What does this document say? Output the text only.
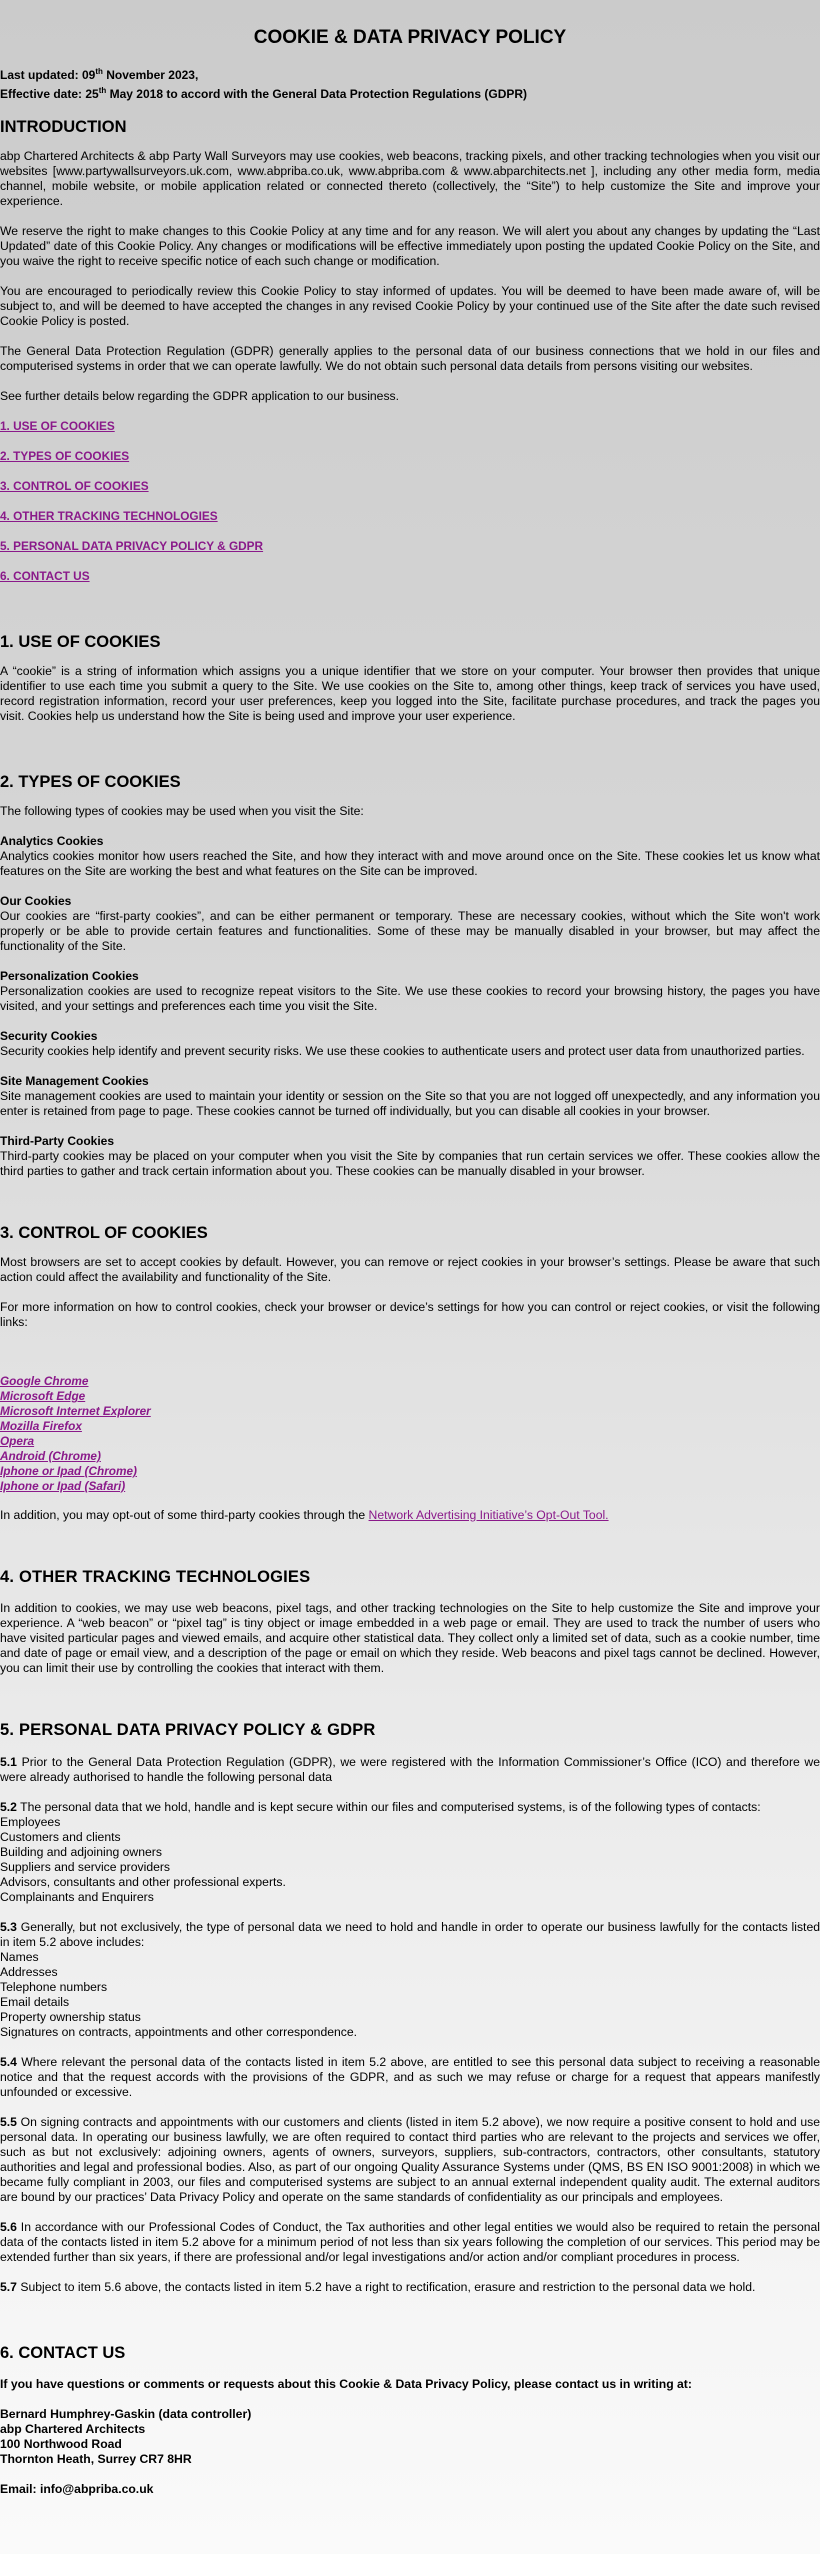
COOKIE & DATA PRIVACY POLICY
Last updated: 09th November 2023,
Effective date: 25th May 2018 to accord with the General Data Protection Regulations (GDPR)
INTRODUCTION

abp Chartered Architects & abp Party Wall Surveyors may use cookies, web beacons, tracking pixels, and other tracking technologies when you visit our websites [www.partywallsurveyors.uk.com, www.abpriba.co.uk, www.abpriba.com & www.abparchitects.net ], including any other media form, media channel, mobile website, or mobile application related or connected thereto (collectively, the “Site”) to help customize the Site and improve your experience.

We reserve the right to make changes to this Cookie Policy at any time and for any reason. We will alert you about any changes by updating the “Last Updated” date of this Cookie Policy. Any changes or modifications will be effective immediately upon posting the updated Cookie Policy on the Site, and you waive the right to receive specific notice of each such change or modification.

You are encouraged to periodically review this Cookie Policy to stay informed of updates. You will be deemed to have been made aware of, will be subject to, and will be deemed to have accepted the changes in any revised Cookie Policy by your continued use of the Site after the date such revised Cookie Policy is posted.

The General Data Protection Regulation (GDPR) generally applies to the personal data of our business connections that we hold in our files and computerised systems in order that we can operate lawfully. We do not obtain such personal data details from persons visiting our websites.

See further details below regarding the GDPR application to our business.

1. USE OF COOKIES
2. TYPES OF COOKIES
3. CONTROL OF COOKIES
4. OTHER TRACKING TECHNOLOGIES
5. PERSONAL DATA PRIVACY POLICY & GDPR
6. CONTACT US
1. USE OF COOKIES

A “cookie” is a string of information which assigns you a unique identifier that we store on your computer. Your browser then provides that unique identifier to use each time you submit a query to the Site. We use cookies on the Site to, among other things, keep track of services you have used, record registration information, record your user preferences, keep you logged into the Site, facilitate purchase procedures, and track the pages you visit. Cookies help us understand how the Site is being used and improve your user experience.

2. TYPES OF COOKIES

The following types of cookies may be used when you visit the Site:

Analytics Cookies

Analytics cookies monitor how users reached the Site, and how they interact with and move around once on the Site. These cookies let us know what features on the Site are working the best and what features on the Site can be improved.

Our Cookies

Our cookies are “first-party cookies”, and can be either permanent or temporary. These are necessary cookies, without which the Site won't work properly or be able to provide certain features and functionalities. Some of these may be manually disabled in your browser, but may affect the functionality of the Site.

Personalization Cookies

Personalization cookies are used to recognize repeat visitors to the Site. We use these cookies to record your browsing history, the pages you have visited, and your settings and preferences each time you visit the Site.

Security Cookies

Security cookies help identify and prevent security risks. We use these cookies to authenticate users and protect user data from unauthorized parties.

Site Management Cookies

Site management cookies are used to maintain your identity or session on the Site so that you are not logged off unexpectedly, and any information you enter is retained from page to page. These cookies cannot be turned off individually, but you can disable all cookies in your browser.

Third-Party Cookies

Third-party cookies may be placed on your computer when you visit the Site by companies that run certain services we offer. These cookies allow the third parties to gather and track certain information about you. These cookies can be manually disabled in your browser.

3. CONTROL OF COOKIES

Most browsers are set to accept cookies by default. However, you can remove or reject cookies in your browser’s settings. Please be aware that such action could affect the availability and functionality of the Site.

For more information on how to control cookies, check your browser or device’s settings for how you can control or reject cookies, or visit the following links:

Google Chrome
Microsoft Edge
Microsoft Internet Explorer
Mozilla Firefox
Opera
Android (Chrome)
Iphone or Ipad (Chrome)
Iphone or Ipad (Safari)

In addition, you may opt-out of some third-party cookies through the Network Advertising Initiative’s Opt-Out Tool.

4. OTHER TRACKING TECHNOLOGIES

In addition to cookies, we may use web beacons, pixel tags, and other tracking technologies on the Site to help customize the Site and improve your experience. A “web beacon” or “pixel tag” is tiny object or image embedded in a web page or email. They are used to track the number of users who have visited particular pages and viewed emails, and acquire other statistical data. They collect only a limited set of data, such as a cookie number, time and date of page or email view, and a description of the page or email on which they reside. Web beacons and pixel tags cannot be declined. However, you can limit their use by controlling the cookies that interact with them.

5. PERSONAL DATA PRIVACY POLICY & GDPR

5.1 Prior to the General Data Protection Regulation (GDPR), we were registered with the Information Commissioner’s Office (ICO) and therefore we were already authorised to handle the following personal data

5.2 The personal data that we hold, handle and is kept secure within our files and computerised systems, is of the following types of contacts:

Employees
Customers and clients
Building and adjoining owners
Suppliers and service providers
Advisors, consultants and other professional experts.
Complainants and Enquirers

5.3 Generally, but not exclusively, the type of personal data we need to hold and handle in order to operate our business lawfully for the contacts listed in item 5.2 above includes:

Names
Addresses
Telephone numbers
Email details
Property ownership status
Signatures on contracts, appointments and other correspondence.

5.4 Where relevant the personal data of the contacts listed in item 5.2 above, are entitled to see this personal data subject to receiving a reasonable notice and that the request accords with the provisions of the GDPR, and as such we may refuse or charge for a request that appears manifestly unfounded or excessive.

5.5 On signing contracts and appointments with our customers and clients (listed in item 5.2 above), we now require a positive consent to hold and use personal data. In operating our business lawfully, we are often required to contact third parties who are relevant to the projects and services we offer, such as but not exclusively: adjoining owners, agents of owners, surveyors, suppliers, sub-contractors, contractors, other consultants, statutory authorities and legal and professional bodies. Also, as part of our ongoing Quality Assurance Systems under (QMS, BS EN ISO 9001:2008) in which we became fully compliant in 2003, our files and computerised systems are subject to an annual external independent quality audit. The external auditors are bound by our practices’ Data Privacy Policy and operate on the same standards of confidentiality as our principals and employees.

5.6 In accordance with our Professional Codes of Conduct, the Tax authorities and other legal entities we would also be required to retain the personal data of the contacts listed in item 5.2 above for a minimum period of not less than six years following the completion of our services. This period may be extended further than six years, if there are professional and/or legal investigations and/or action and/or compliant procedures in process.

5.7 Subject to item 5.6 above, the contacts listed in item 5.2 have a right to rectification, erasure and restriction to the personal data we hold.

6. CONTACT US

If you have questions or comments or requests about this Cookie & Data Privacy Policy, please contact us in writing at:

Bernard Humphrey-Gaskin (data controller)
abp Chartered Architects
100 Northwood Road
Thornton Heath, Surrey CR7 8HR
Email: info@abpriba.co.uk
